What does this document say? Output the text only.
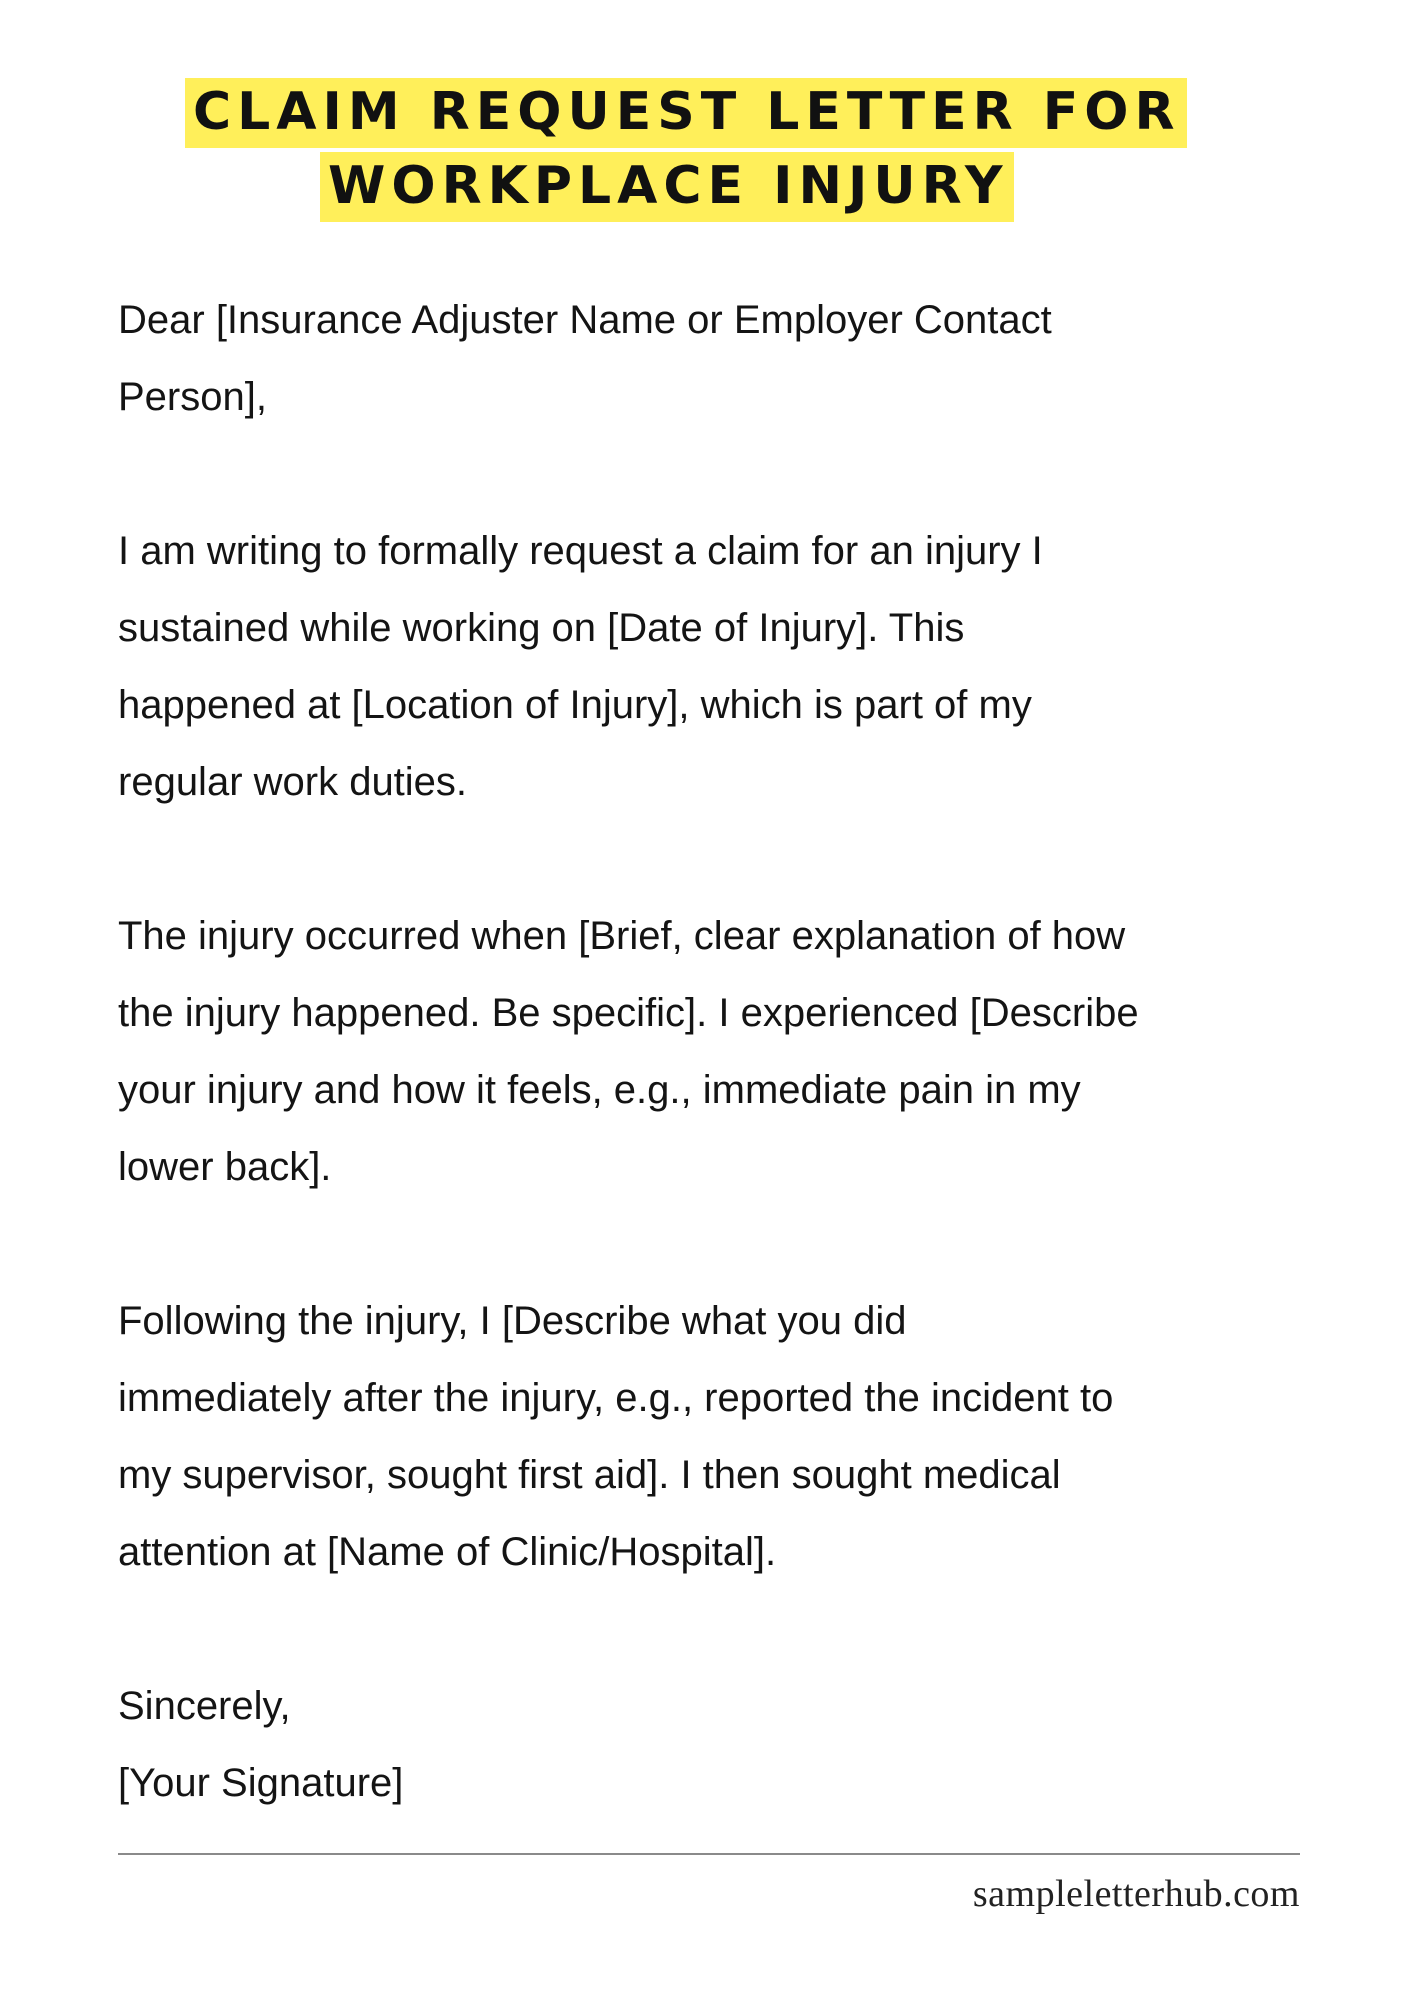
CLAIM REQUEST LETTER FOR
WORKPLACE INJURY

Dear [Insurance Adjuster Name or Employer Contact
Person],

I am writing to formally request a claim for an injury I
sustained while working on [Date of Injury]. This
happened at [Location of Injury], which is part of my
regular work duties.

The injury occurred when [Brief, clear explanation of how
the injury happened. Be specific]. I experienced [Describe
your injury and how it feels, e.g., immediate pain in my
lower back].

Following the injury, I [Describe what you did
immediately after the injury, e.g., reported the incident to
my supervisor, sought first aid]. I then sought medical
attention at [Name of Clinic/Hospital].

Sincerely,
[Your Signature]

sampleletterhub.com
